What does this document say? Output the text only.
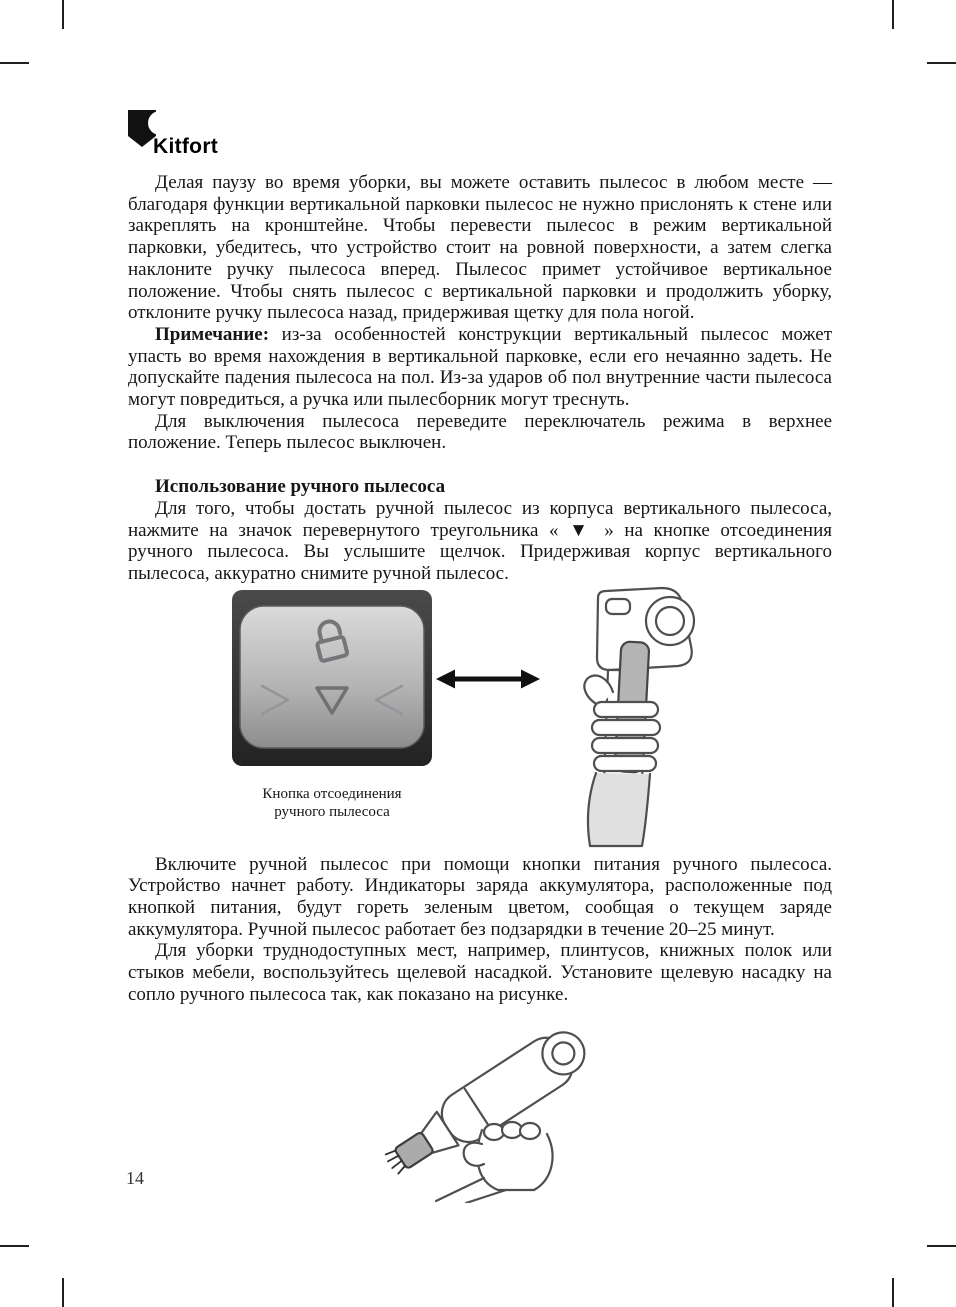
Kitfort

Делая паузу во время уборки, вы можете оставить пылесос в любом месте — благодаря функции вертикальной парковки пылесос не нужно прислонять к стене или закреплять на кронштейне. Чтобы перевести пылесос в режим вертикальной парковки, убедитесь, что устройство стоит на ровной поверхности, а затем слегка наклоните ручку пылесоса вперед. Пылесос примет устойчивое вертикальное положение. Чтобы снять пылесос с вертикальной парковки и продолжить уборку, отклоните ручку пылесоса назад, придерживая щетку для пола ногой.

Примечание: из-за особенностей конструкции вертикальный пылесос может упасть во время нахождения в вертикальной парковке, если его нечаянно задеть. Не допускайте падения пылесоса на пол. Из-за ударов об пол внутренние части пылесоса могут повредиться, а ручка или пылесборник могут треснуть.

Для выключения пылесоса переведите переключатель режима в верхнее положение. Теперь пылесос выключен.

Использование ручного пылесоса

Для того, чтобы достать ручной пылесос из корпуса вертикального пылесоса, нажмите на значок перевернутого треугольника « ▼ » на кнопке отсоединения ручного пылесоса. Вы услышите щелчок. Придерживая корпус вертикального пылесоса, аккуратно снимите ручной пылесос.

Кнопка отсоединения
ручного пылесоса

Включите ручной пылесос при помощи кнопки питания ручного пылесоса. Устройство начнет работу. Индикаторы заряда аккумулятора, расположенные под кнопкой питания, будут гореть зеленым цветом, сообщая о текущем заряде аккумулятора. Ручной пылесос работает без подзарядки в течение 20–25 минут.

Для уборки труднодоступных мест, например, плинтусов, книжных полок или стыков мебели, воспользуйтесь щелевой насадкой. Установите щелевую насадку на сопло ручного пылесоса так, как показано на рисунке.

14
